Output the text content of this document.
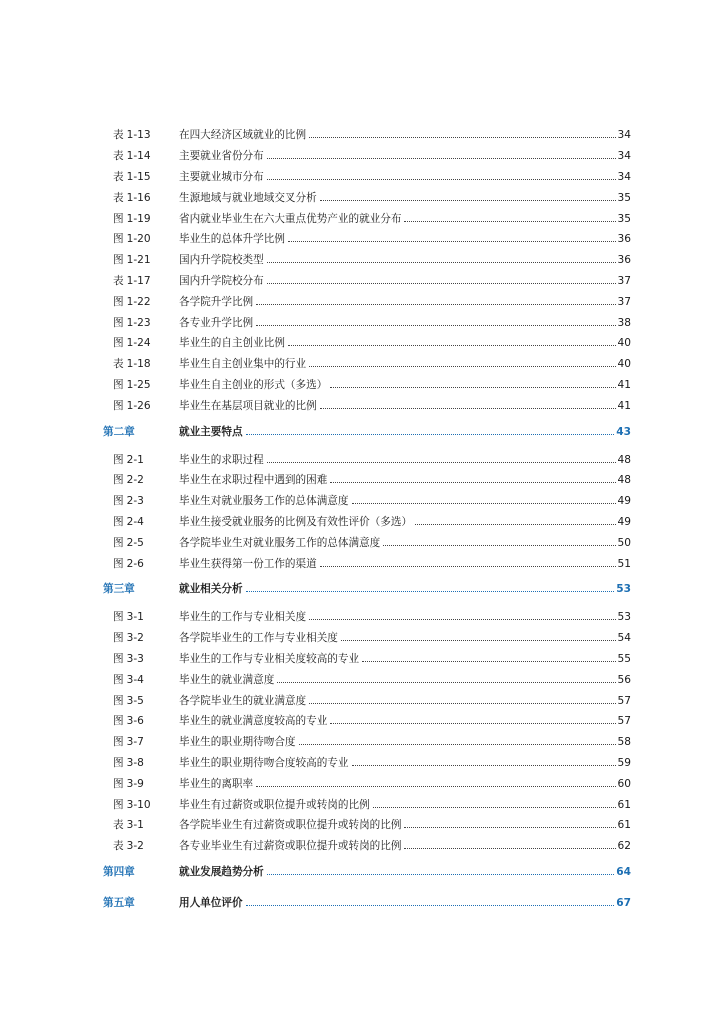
表 1-13	在四大经济区域就业的比例	34
表 1-14	主要就业省份分布	34
表 1-15	主要就业城市分布	34
表 1-16	生源地域与就业地域交叉分析	35
图 1-19	省内就业毕业生在六大重点优势产业的就业分布	35
图 1-20	毕业生的总体升学比例	36
图 1-21	国内升学院校类型	36
表 1-17	国内升学院校分布	37
图 1-22	各学院升学比例	37
图 1-23	各专业升学比例	38
图 1-24	毕业生的自主创业比例	40
表 1-18	毕业生自主创业集中的行业	40
图 1-25	毕业生自主创业的形式（多选）	41
图 1-26	毕业生在基层项目就业的比例	41
第二章	就业主要特点	43
图 2-1	毕业生的求职过程	48
图 2-2	毕业生在求职过程中遇到的困难	48
图 2-3	毕业生对就业服务工作的总体满意度	49
图 2-4	毕业生接受就业服务的比例及有效性评价（多选）	49
图 2-5	各学院毕业生对就业服务工作的总体满意度	50
图 2-6	毕业生获得第一份工作的渠道	51
第三章	就业相关分析	53
图 3-1	毕业生的工作与专业相关度	53
图 3-2	各学院毕业生的工作与专业相关度	54
图 3-3	毕业生的工作与专业相关度较高的专业	55
图 3-4	毕业生的就业满意度	56
图 3-5	各学院毕业生的就业满意度	57
图 3-6	毕业生的就业满意度较高的专业	57
图 3-7	毕业生的职业期待吻合度	58
图 3-8	毕业生的职业期待吻合度较高的专业	59
图 3-9	毕业生的离职率	60
图 3-10	毕业生有过薪资或职位提升或转岗的比例	61
表 3-1	各学院毕业生有过薪资或职位提升或转岗的比例	61
表 3-2	各专业毕业生有过薪资或职位提升或转岗的比例	62
第四章	就业发展趋势分析	64
第五章	用人单位评价	67
